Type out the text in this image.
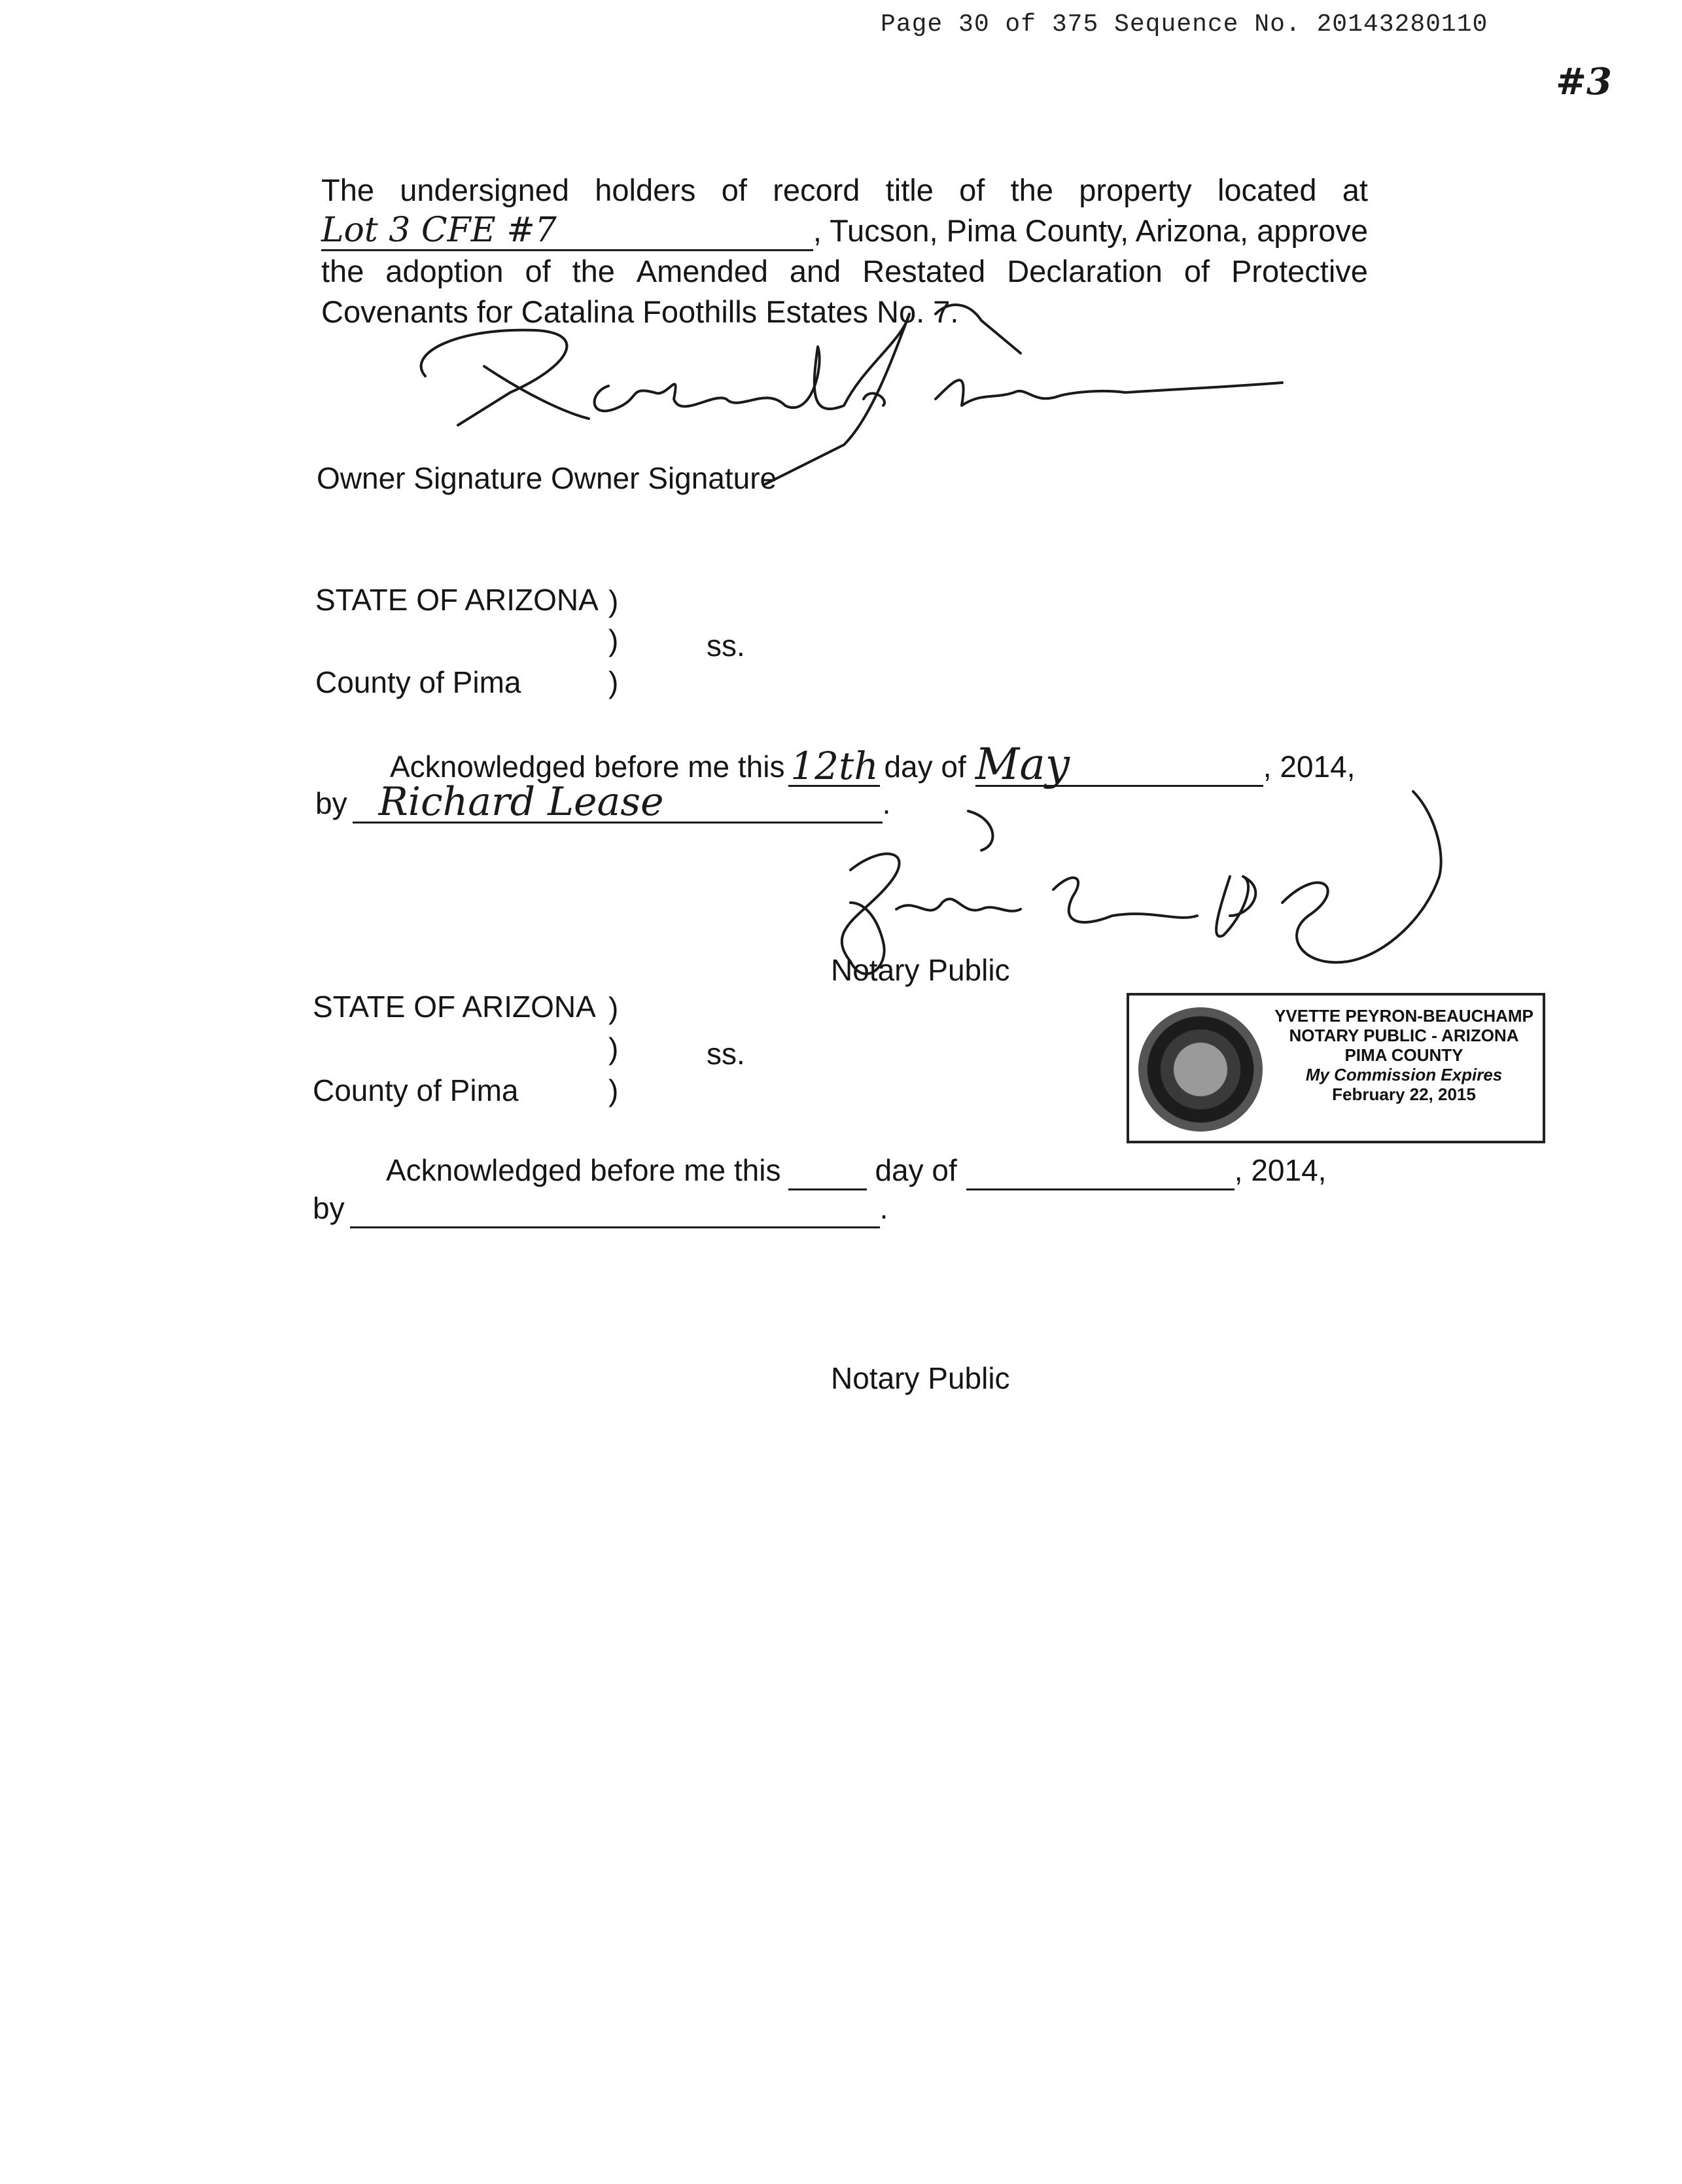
Page 30 of 375 Sequence No. 20143280110
#3
The undersigned holders of record title of the property located at
Lot 3 CFE #7	, Tucson, Pima County, Arizona, approve
the adoption of the Amended and Restated Declaration of Protective
Covenants for Catalina Foothills Estates No. 7.
Owner Signature Owner Signature
STATE OF ARIZONA )
)	ss.
County of Pima	)
Acknowledged before me this 12th day of May	, 2014,
by Richard Lease	.
Notary Public
YVETTE PEYRON-BEAUCHAMP
NOTARY PUBLIC - ARIZONA
PIMA COUNTY
My Commission Expires
February 22, 2015
STATE OF ARIZONA )
)	ss.
County of Pima	)
Acknowledged before me this	day of	, 2014,
by	.
Notary Public
